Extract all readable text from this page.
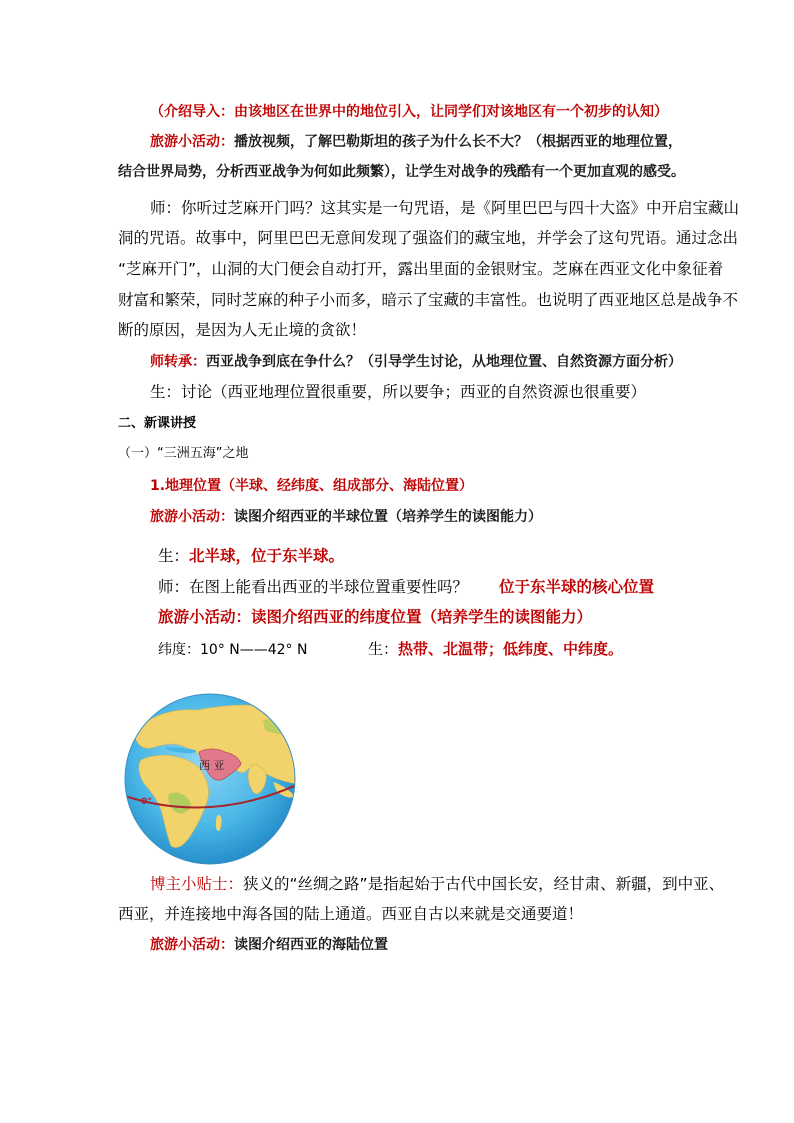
（介绍导入：由该地区在世界中的地位引入，让同学们对该地区有一个初步的认知）
旅游小活动：播放视频，了解巴勒斯坦的孩子为什么长不大？（根据西亚的地理位置，
结合世界局势，分析西亚战争为何如此频繁），让学生对战争的残酷有一个更加直观的感受。
师：你听过芝麻开门吗？这其实是一句咒语，是《阿里巴巴与四十大盗》中开启宝藏山
洞的咒语。故事中，阿里巴巴无意间发现了强盗们的藏宝地，并学会了这句咒语。通过念出
“芝麻开门”，山洞的大门便会自动打开，露出里面的金银财宝。芝麻在西亚文化中象征着
财富和繁荣，同时芝麻的种子小而多，暗示了宝藏的丰富性。也说明了西亚地区总是战争不
断的原因，是因为人无止境的贪欲！
师转承：西亚战争到底在争什么？（引导学生讨论，从地理位置、自然资源方面分析）
生：讨论（西亚地理位置很重要，所以要争；西亚的自然资源也很重要）
二、新课讲授
（一）“三洲五海”之地
1.地理位置（半球、经纬度、组成部分、海陆位置）
旅游小活动：读图介绍西亚的半球位置（培养学生的读图能力）
生：北半球，位于东半球。
师：在图上能看出西亚的半球位置重要性吗？ 位于东半球的核心位置
旅游小活动：读图介绍西亚的纬度位置（培养学生的读图能力）
纬度：10° N——42° N	生：热带、北温带；低纬度、中纬度。
西 亚
0°
博主小贴士：狭义的“丝绸之路”是指起始于古代中国长安，经甘肃、新疆，到中亚、
西亚，并连接地中海各国的陆上通道。西亚自古以来就是交通要道！
旅游小活动：读图介绍西亚的海陆位置
